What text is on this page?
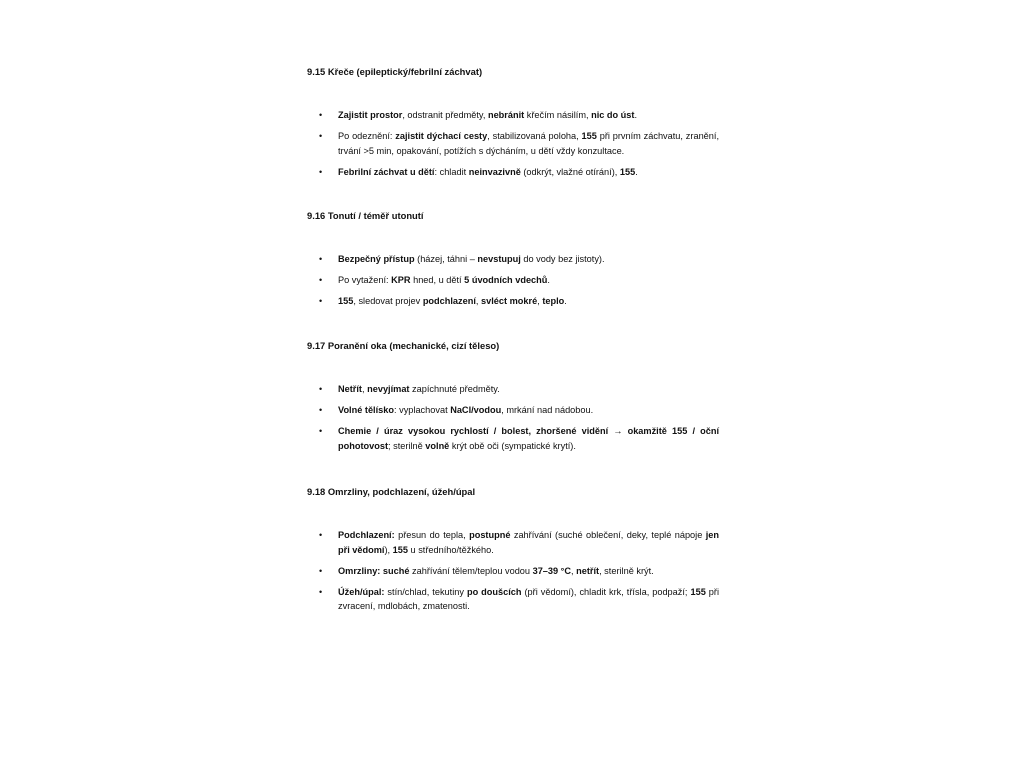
9.15 Křeče (epileptický/febrilní záchvat)

• Zajistit prostor, odstranit předměty, nebránit křečím násilím, nic do úst.
• Po odeznění: zajistit dýchací cesty, stabilizovaná poloha, 155 při prvním záchvatu, zranění, trvání >5 min, opakování, potížích s dýcháním, u dětí vždy konzultace.
• Febrilní záchvat u dětí: chladit neinvazivně (odkrýt, vlažné otírání), 155.

9.16 Tonutí / téměř utonutí

• Bezpečný přístup (házej, táhni – nevstupuj do vody bez jistoty).
• Po vytažení: KPR hned, u dětí 5 úvodních vdechů.
• 155, sledovat projev podchlazení, svléct mokré, teplo.

9.17 Poranění oka (mechanické, cizí těleso)

• Netřít, nevyjímat zapíchnuté předměty.
• Volné tělísko: vyplachovat NaCl/vodou, mrkání nad nádobou.
• Chemie / úraz vysokou rychlostí / bolest, zhoršené vidění → okamžitě 155 / oční pohotovost; sterilně volně krýt obě oči (sympatické krytí).

9.18 Omrzliny, podchlazení, úžeh/úpal

• Podchlazení: přesun do tepla, postupné zahřívání (suché oblečení, deky, teplé nápoje jen při vědomí), 155 u středního/těžkého.
• Omrzliny: suché zahřívání tělem/teplou vodou 37–39 °C, netřít, sterilně krýt.
• Úžeh/úpal: stín/chlad, tekutiny po doušcích (při vědomí), chladit krk, třísla, podpaží; 155 při zvracení, mdlobách, zmatenosti.
